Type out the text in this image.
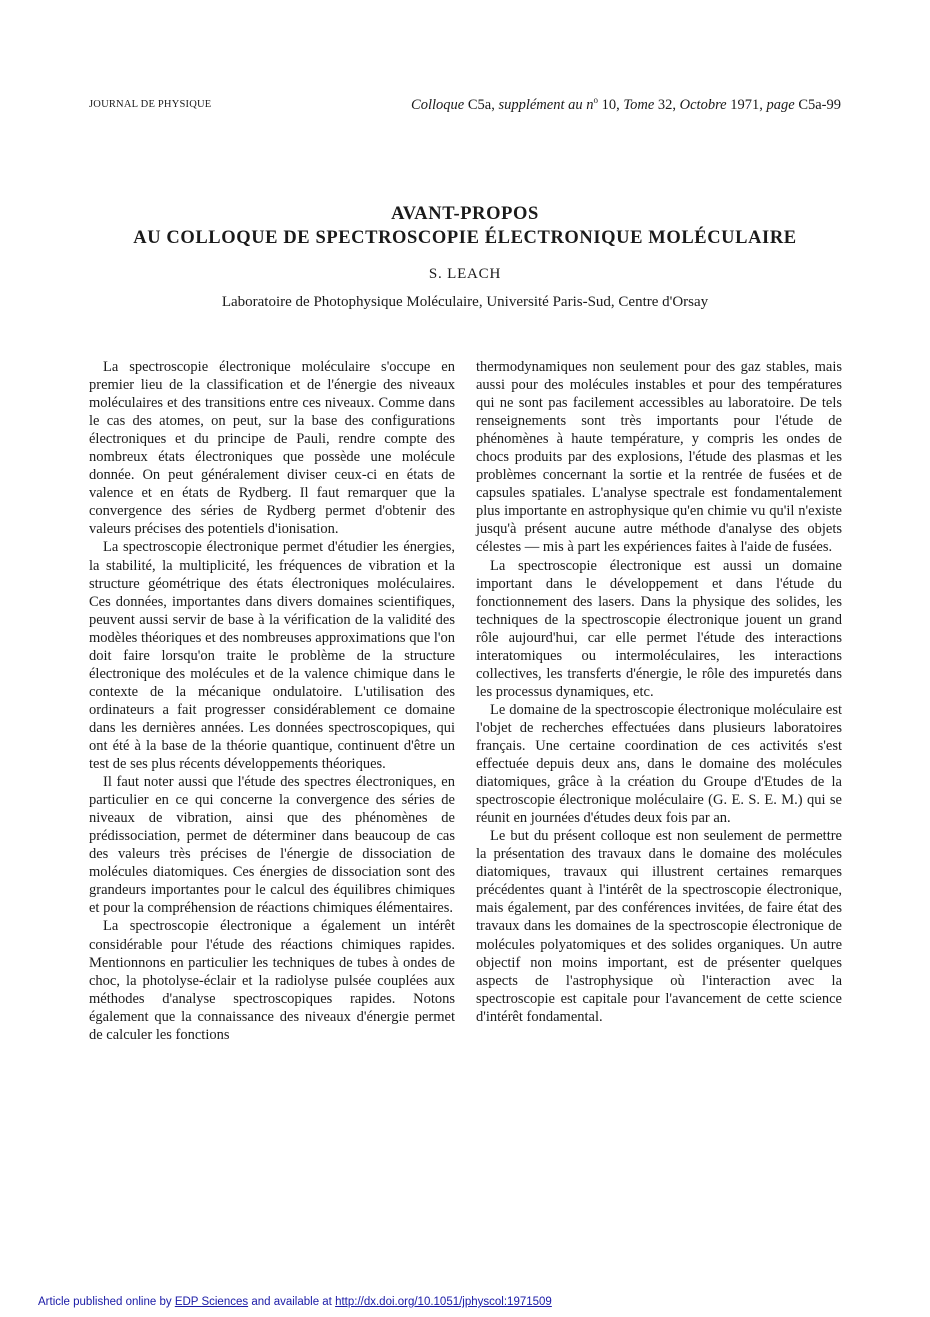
JOURNAL DE PHYSIQUE	Colloque C5a, supplément au $n^o$ 10, Tome 32, Octobre 1971, page C5a-99
AVANT-PROPOS
AU COLLOQUE DE SPECTROSCOPIE ÉLECTRONIQUE MOLÉCULAIRE
S. LEACH
Laboratoire de Photophysique Moléculaire, Université Paris-Sud, Centre d'Orsay

La spectroscopie électronique moléculaire s'occupe en premier lieu de la classification et de l'énergie des niveaux moléculaires et des transitions entre ces niveaux. Comme dans le cas des atomes, on peut, sur la base des configurations électroniques et du principe de Pauli, rendre compte des nombreux états électroniques que possède une molécule donnée. On peut généralement diviser ceux-ci en états de valence et en états de Rydberg. Il faut remarquer que la convergence des séries de Rydberg permet d'obtenir des valeurs précises des potentiels d'ionisation.

La spectroscopie électronique permet d'étudier les énergies, la stabilité, la multiplicité, les fréquences de vibration et la structure géométrique des états électroniques moléculaires. Ces données, importantes dans divers domaines scientifiques, peuvent aussi servir de base à la vérification de la validité des modèles théoriques et des nombreuses approximations que l'on doit faire lorsqu'on traite le problème de la structure électronique des molécules et de la valence chimique dans le contexte de la mécanique ondulatoire. L'utilisation des ordinateurs a fait progresser considérablement ce domaine dans les dernières années. Les données spectroscopiques, qui ont été à la base de la théorie quantique, continuent d'être un test de ses plus récents développements théoriques.

Il faut noter aussi que l'étude des spectres électroniques, en particulier en ce qui concerne la convergence des séries de niveaux de vibration, ainsi que des phénomènes de prédissociation, permet de déterminer dans beaucoup de cas des valeurs très précises de l'énergie de dissociation de molécules diatomiques. Ces énergies de dissociation sont des grandeurs importantes pour le calcul des équilibres chimiques et pour la compréhension de réactions chimiques élémentaires.

La spectroscopie électronique a également un intérêt considérable pour l'étude des réactions chimiques rapides. Mentionnons en particulier les techniques de tubes à ondes de choc, la photolyse-éclair et la radiolyse pulsée couplées aux méthodes d'analyse spectroscopiques rapides. Notons également que la connaissance des niveaux d'énergie permet de calculer les fonctions

thermodynamiques non seulement pour des gaz stables, mais aussi pour des molécules instables et pour des températures qui ne sont pas facilement accessibles au laboratoire. De tels renseignements sont très importants pour l'étude de phénomènes à haute température, y compris les ondes de chocs produits par des explosions, l'étude des plasmas et les problèmes concernant la sortie et la rentrée de fusées et de capsules spatiales. L'analyse spectrale est fondamentalement plus importante en astrophysique qu'en chimie vu qu'il n'existe jusqu'à présent aucune autre méthode d'analyse des objets célestes — mis à part les expériences faites à l'aide de fusées.

La spectroscopie électronique est aussi un domaine important dans le développement et dans l'étude du fonctionnement des lasers. Dans la physique des solides, les techniques de la spectroscopie électronique jouent un grand rôle aujourd'hui, car elle permet l'étude des interactions interatomiques ou intermoléculaires, les interactions collectives, les transferts d'énergie, le rôle des impuretés dans les processus dynamiques, etc.

Le domaine de la spectroscopie électronique moléculaire est l'objet de recherches effectuées dans plusieurs laboratoires français. Une certaine coordination de ces activités s'est effectuée depuis deux ans, dans le domaine des molécules diatomiques, grâce à la création du Groupe d'Etudes de la spectroscopie électronique moléculaire (G. E. S. E. M.) qui se réunit en journées d'études deux fois par an.

Le but du présent colloque est non seulement de permettre la présentation des travaux dans le domaine des molécules diatomiques, travaux qui illustrent certaines remarques précédentes quant à l'intérêt de la spectroscopie électronique, mais également, par des conférences invitées, de faire état des travaux dans les domaines de la spectroscopie électronique de molécules polyatomiques et des solides organiques. Un autre objectif non moins important, est de présenter quelques aspects de l'astrophysique où l'interaction avec la spectroscopie est capitale pour l'avancement de cette science d'intérêt fondamental.

Article published online by EDP Sciences and available at http://dx.doi.org/10.1051/jphyscol:1971509
